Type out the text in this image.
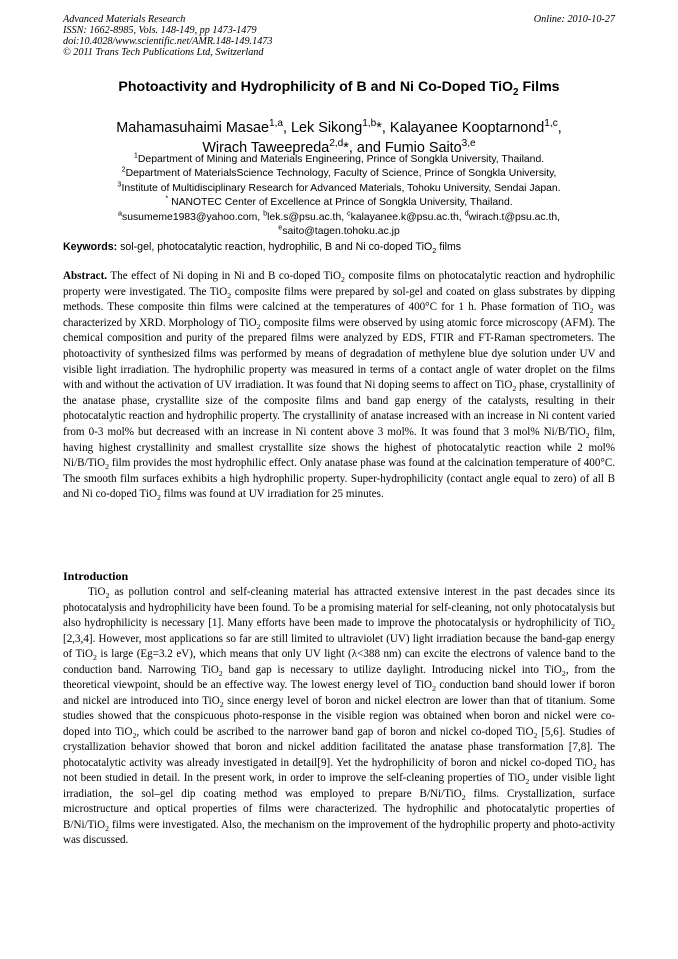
Advanced Materials Research
ISSN: 1662-8985, Vols. 148-149, pp 1473-1479
doi:10.4028/www.scientific.net/AMR.148-149.1473
© 2011 Trans Tech Publications Ltd, Switzerland
Online: 2010-10-27
Photoactivity and Hydrophilicity of B and Ni Co-Doped TiO$_2$ Films
Mahamasuhaimi Masae$^{1,a}$, Lek Sikong$^{1,b}$*, Kalayanee Kooptarnond$^{1,c}$,
Wirach Taweepreda$^{2,d}$*, and Fumio Saito$^{3,e}$
$^1$Department of Mining and Materials Engineering, Prince of Songkla University, Thailand.
$^2$Department of MaterialsScience Technology, Faculty of Science, Prince of Songkla University,
$^3$Institute of Multidisciplinary Research for Advanced Materials, Tohoku University, Sendai Japan.
* NANOTEC Center of Excellence at Prince of Songkla University, Thailand.
$^a$susumeme1983@yahoo.com, $^b$lek.s@psu.ac.th, $^c$kalayanee.k@psu.ac.th, $^d$wirach.t@psu.ac.th,
$^e$saito@tagen.tohoku.ac.jp
Keywords: sol-gel, photocatalytic reaction, hydrophilic, B and Ni co-doped TiO$_2$ films

Abstract. The effect of Ni doping in Ni and B co-doped TiO$_2$ composite films on photocatalytic reaction and hydrophilic property were investigated. The TiO$_2$ composite films were prepared by sol-gel and coated on glass substrates by dipping methods. These composite thin films were calcined at the temperatures of 400°C for 1 h. Phase formation of TiO$_2$ was characterized by XRD. Morphology of TiO$_2$ composite films were observed by using atomic force microscopy (AFM). The chemical composition and purity of the prepared films were analyzed by EDS, FTIR and FT-Raman spectrometers. The photoactivity of synthesized films was performed by means of degradation of methylene blue dye solution under UV and visible light irradiation. The hydrophilic property was measured in terms of a contact angle of water droplet on the films with and without the activation of UV irradiation. It was found that Ni doping seems to affect on TiO$_2$ phase, crystallinity of the anatase phase, crystallite size of the composite films and band gap energy of the catalysts, resulting in their photocatalytic reaction and hydrophilic property. The crystallinity of anatase increased with an increase in Ni content varied from 0-3 mol% but decreased with an increase in Ni content above 3 mol%. It was found that 3 mol% Ni/B/TiO$_2$ film, having highest crystallinity and smallest crystallite size shows the highest of photocatalytic reaction while 2 mol% Ni/B/TiO$_2$ film provides the most hydrophilic effect. Only anatase phase was found at the calcination temperature of 400°C. The smooth film surfaces exhibits a high hydrophilic property. Super-hydrophilicity (contact angle equal to zero) of all B and Ni co-doped TiO$_2$ films was found at UV irradiation for 25 minutes.

Introduction

TiO$_2$ as pollution control and self-cleaning material has attracted extensive interest in the past decades since its photocatalysis and hydrophilicity have been found. To be a promising material for self-cleaning, not only photocatalysis but also hydrophilicity is necessary [1]. Many efforts have been made to improve the photocatalysis or hydrophilicity of TiO$_2$ [2,3,4]. However, most applications so far are still limited to ultraviolet (UV) light irradiation because the band-gap energy of TiO$_2$ is large (Eg=3.2 eV), which means that only UV light (λ<388 nm) can excite the electrons of valence band to the conduction band. Narrowing TiO$_2$ band gap is necessary to utilize daylight. Introducing nickel into TiO$_2$, from the theoretical viewpoint, should be an effective way. The lowest energy level of TiO$_2$ conduction band should lower if boron and nickel are introduced into TiO$_2$ since energy level of boron and nickel electron are lower than that of titanium. Some studies showed that the conspicuous photo-response in the visible region was obtained when boron and nickel were co-doped into TiO$_2$, which could be ascribed to the narrower band gap of boron and nickel co-doped TiO$_2$ [5,6]. Studies of crystallization behavior showed that boron and nickel addition facilitated the anatase phase transformation [7,8]. The photocatalytic activity was already investigated in detail[9]. Yet the hydrophilicity of boron and nickel co-doped TiO$_2$ has not been studied in detail. In the present work, in order to improve the self-cleaning properties of TiO$_2$ under visible light irradiation, the sol–gel dip coating method was employed to prepare B/Ni/TiO$_2$ films. Crystallization, surface microstructure and optical properties of films were characterized. The hydrophilic and photocatalytic properties of B/Ni/TiO$_2$ films were investigated. Also, the mechanism on the improvement of the hydrophilic property and photo-activity was discussed.
